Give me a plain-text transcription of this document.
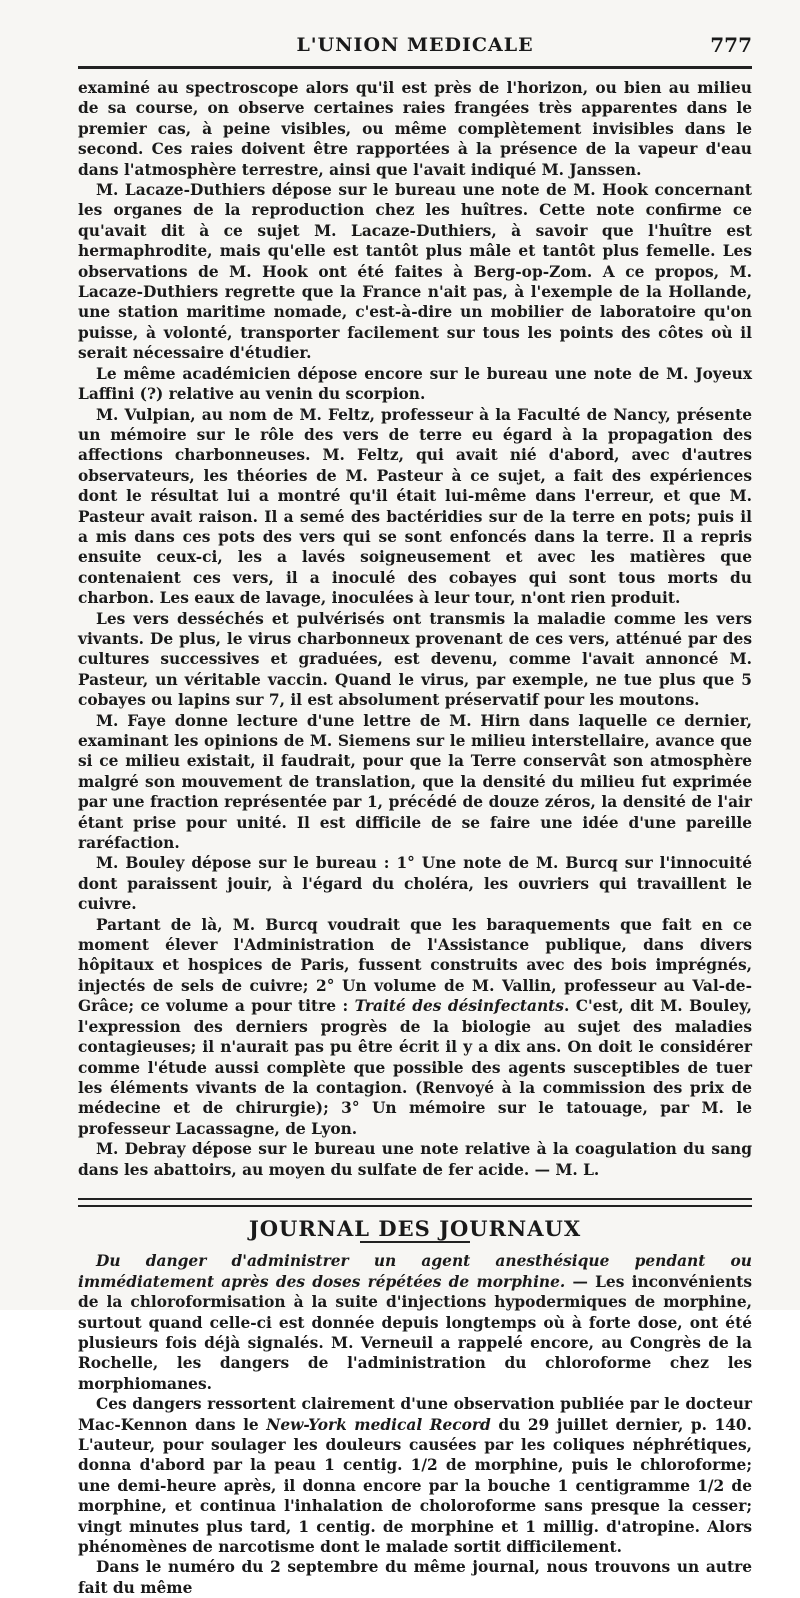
L'UNION MEDICALE	777

examiné au spectroscope alors qu'il est près de l'horizon, ou bien au milieu de sa course, on observe certaines raies frangées très apparentes dans le premier cas, à peine visibles, ou même complètement invisibles dans le second. Ces raies doivent être rapportées à la présence de la vapeur d'eau dans l'atmosphère terrestre, ainsi que l'avait indiqué M. Janssen.

M. Lacaze-Duthiers dépose sur le bureau une note de M. Hook concernant les organes de la reproduction chez les huîtres. Cette note confirme ce qu'avait dit à ce sujet M. Lacaze-Duthiers, à savoir que l'huître est hermaphrodite, mais qu'elle est tantôt plus mâle et tantôt plus femelle. Les observations de M. Hook ont été faites à Berg-op-Zom. A ce propos, M. Lacaze-Duthiers regrette que la France n'ait pas, à l'exemple de la Hollande, une station maritime nomade, c'est-à-dire un mobilier de laboratoire qu'on puisse, à volonté, transporter facilement sur tous les points des côtes où il serait nécessaire d'étudier.

Le même académicien dépose encore sur le bureau une note de M. Joyeux Laffini (?) relative au venin du scorpion.

M. Vulpian, au nom de M. Feltz, professeur à la Faculté de Nancy, présente un mémoire sur le rôle des vers de terre eu égard à la propagation des affections charbonneuses. M. Feltz, qui avait nié d'abord, avec d'autres observateurs, les théories de M. Pasteur à ce sujet, a fait des expériences dont le résultat lui a montré qu'il était lui-même dans l'erreur, et que M. Pasteur avait raison. Il a semé des bactéridies sur de la terre en pots; puis il a mis dans ces pots des vers qui se sont enfoncés dans la terre. Il a repris ensuite ceux-ci, les a lavés soigneusement et avec les matières que contenaient ces vers, il a inoculé des cobayes qui sont tous morts du charbon. Les eaux de lavage, inoculées à leur tour, n'ont rien produit.

Les vers desséchés et pulvérisés ont transmis la maladie comme les vers vivants. De plus, le virus charbonneux provenant de ces vers, atténué par des cultures successives et graduées, est devenu, comme l'avait annoncé M. Pasteur, un véritable vaccin. Quand le virus, par exemple, ne tue plus que 5 cobayes ou lapins sur 7, il est absolument préservatif pour les moutons.

M. Faye donne lecture d'une lettre de M. Hirn dans laquelle ce dernier, examinant les opinions de M. Siemens sur le milieu interstellaire, avance que si ce milieu existait, il faudrait, pour que la Terre conservât son atmosphère malgré son mouvement de translation, que la densité du milieu fut exprimée par une fraction représentée par 1, précédé de douze zéros, la densité de l'air étant prise pour unité. Il est difficile de se faire une idée d'une pareille raréfaction.

M. Bouley dépose sur le bureau : 1° Une note de M. Burcq sur l'innocuité dont paraissent jouir, à l'égard du choléra, les ouvriers qui travaillent le cuivre.

Partant de là, M. Burcq voudrait que les baraquements que fait en ce moment élever l'Administration de l'Assistance publique, dans divers hôpitaux et hospices de Paris, fussent construits avec des bois imprégnés, injectés de sels de cuivre; 2° Un volume de M. Vallin, professeur au Val-de-Grâce; ce volume a pour titre : Traité des désinfectants. C'est, dit M. Bouley, l'expression des derniers progrès de la biologie au sujet des maladies contagieuses; il n'aurait pas pu être écrit il y a dix ans. On doit le considérer comme l'étude aussi complète que possible des agents susceptibles de tuer les éléments vivants de la contagion. (Renvoyé à la commission des prix de médecine et de chirurgie); 3° Un mémoire sur le tatouage, par M. le professeur Lacassagne, de Lyon.

M. Debray dépose sur le bureau une note relative à la coagulation du sang dans les abattoirs, au moyen du sulfate de fer acide. — M. L.

JOURNAL DES JOURNAUX

Du danger d'administrer un agent anesthésique pendant ou immédiatement après des doses répétées de morphine. — Les inconvénients de la chloroformisation à la suite d'injections hypodermiques de morphine, surtout quand celle-ci est donnée depuis longtemps où à forte dose, ont été plusieurs fois déjà signalés. M. Verneuil a rappelé encore, au Congrès de la Rochelle, les dangers de l'administration du chloroforme chez les morphiomanes.

Ces dangers ressortent clairement d'une observation publiée par le docteur Mac-Kennon dans le New-York medical Record du 29 juillet dernier, p. 140. L'auteur, pour soulager les douleurs causées par les coliques néphrétiques, donna d'abord par la peau 1 centig. 1/2 de morphine, puis le chloroforme; une demi-heure après, il donna encore par la bouche 1 centigramme 1/2 de morphine, et continua l'inhalation de choloroforme sans presque la cesser; vingt minutes plus tard, 1 centig. de morphine et 1 millig. d'atropine. Alors phénomènes de narcotisme dont le malade sortit difficilement.

Dans le numéro du 2 septembre du même journal, nous trouvons un autre fait du même
